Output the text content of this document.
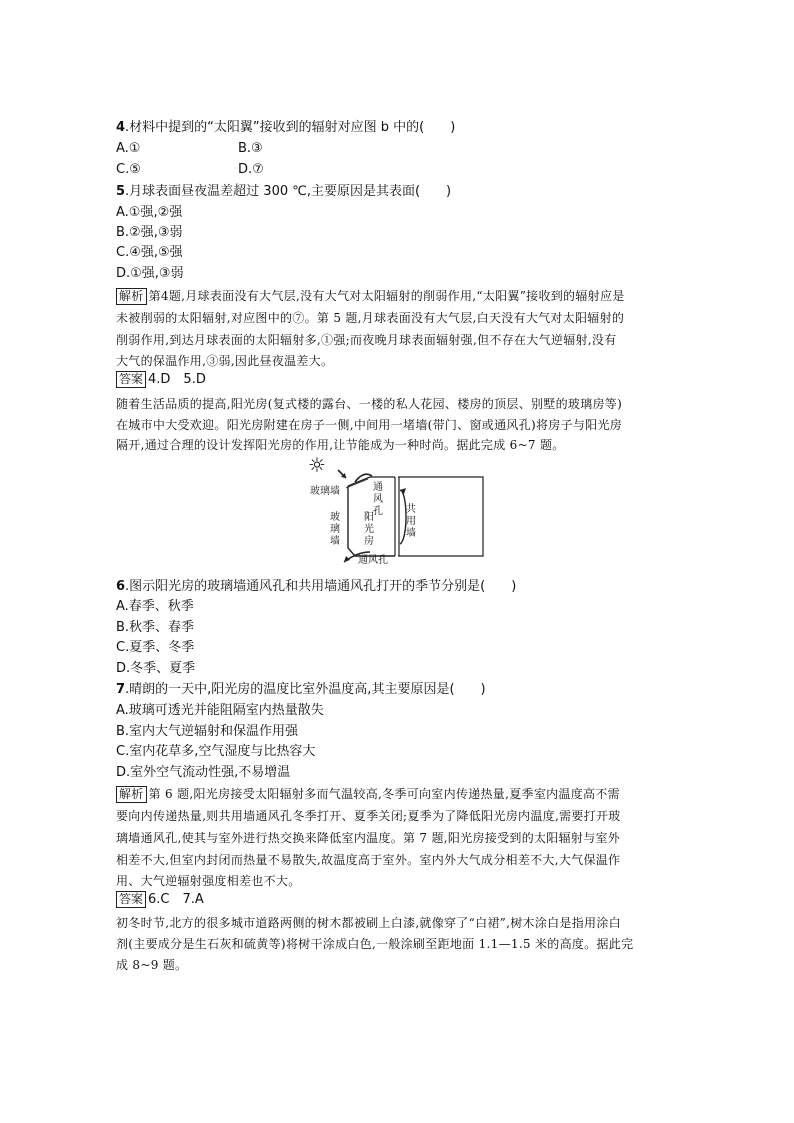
4.材料中提到的“太阳翼”接收到的辐射对应图 b 中的(　　)
A.①	B.③
C.⑤	D.⑦
5.月球表面昼夜温差超过 300 ℃,主要原因是其表面(　　)
A.①强,②强
B.②强,③弱
C.④强,⑤强
D.①强,③弱
解析 第4题,月球表面没有大气层,没有大气对太阳辐射的削弱作用,“太阳翼”接收到的辐射应是
未被削弱的太阳辐射,对应图中的⑦。第 5 题,月球表面没有大气层,白天没有大气对太阳辐射的
削弱作用,到达月球表面的太阳辐射多,①强;而夜晚月球表面辐射强,但不存在大气逆辐射,没有
大气的保温作用,③弱,因此昼夜温差大。
答案 4.D　5.D
随着生活品质的提高,阳光房(复式楼的露台、一楼的私人花园、楼房的顶层、别墅的玻璃房等)
在城市中大受欢迎。阳光房附建在房子一侧,中间用一堵墙(带门、窗或通风孔)将房子与阳光房
隔开,通过合理的设计发挥阳光房的作用,让节能成为一种时尚。据此完成 6~7 题。
☼
玻璃墙	通
风
孔
阳
光
房
共
用
墙
玻
璃
墙
通风孔
6.图示阳光房的玻璃墙通风孔和共用墙通风孔打开的季节分别是(　　)
A.春季、秋季
B.秋季、春季
C.夏季、冬季
D.冬季、夏季
7.晴朗的一天中,阳光房的温度比室外温度高,其主要原因是(　　)
A.玻璃可透光并能阻隔室内热量散失
B.室内大气逆辐射和保温作用强
C.室内花草多,空气湿度与比热容大
D.室外空气流动性强,不易增温
解析 第 6 题,阳光房接受太阳辐射多而气温较高,冬季可向室内传递热量,夏季室内温度高不需
要向内传递热量,则共用墙通风孔冬季打开、夏季关闭;夏季为了降低阳光房内温度,需要打开玻
璃墙通风孔,使其与室外进行热交换来降低室内温度。第 7 题,阳光房接受到的太阳辐射与室外
相差不大,但室内封闭而热量不易散失,故温度高于室外。室内外大气成分相差不大,大气保温作
用、大气逆辐射强度相差也不大。
答案 6.C　7.A
初冬时节,北方的很多城市道路两侧的树木都被刷上白漆,就像穿了“白裙”,树木涂白是指用涂白
剂(主要成分是生石灰和硫黄等)将树干涂成白色,一般涂刷至距地面 1.1—1.5 米的高度。据此完
成 8~9 题。
